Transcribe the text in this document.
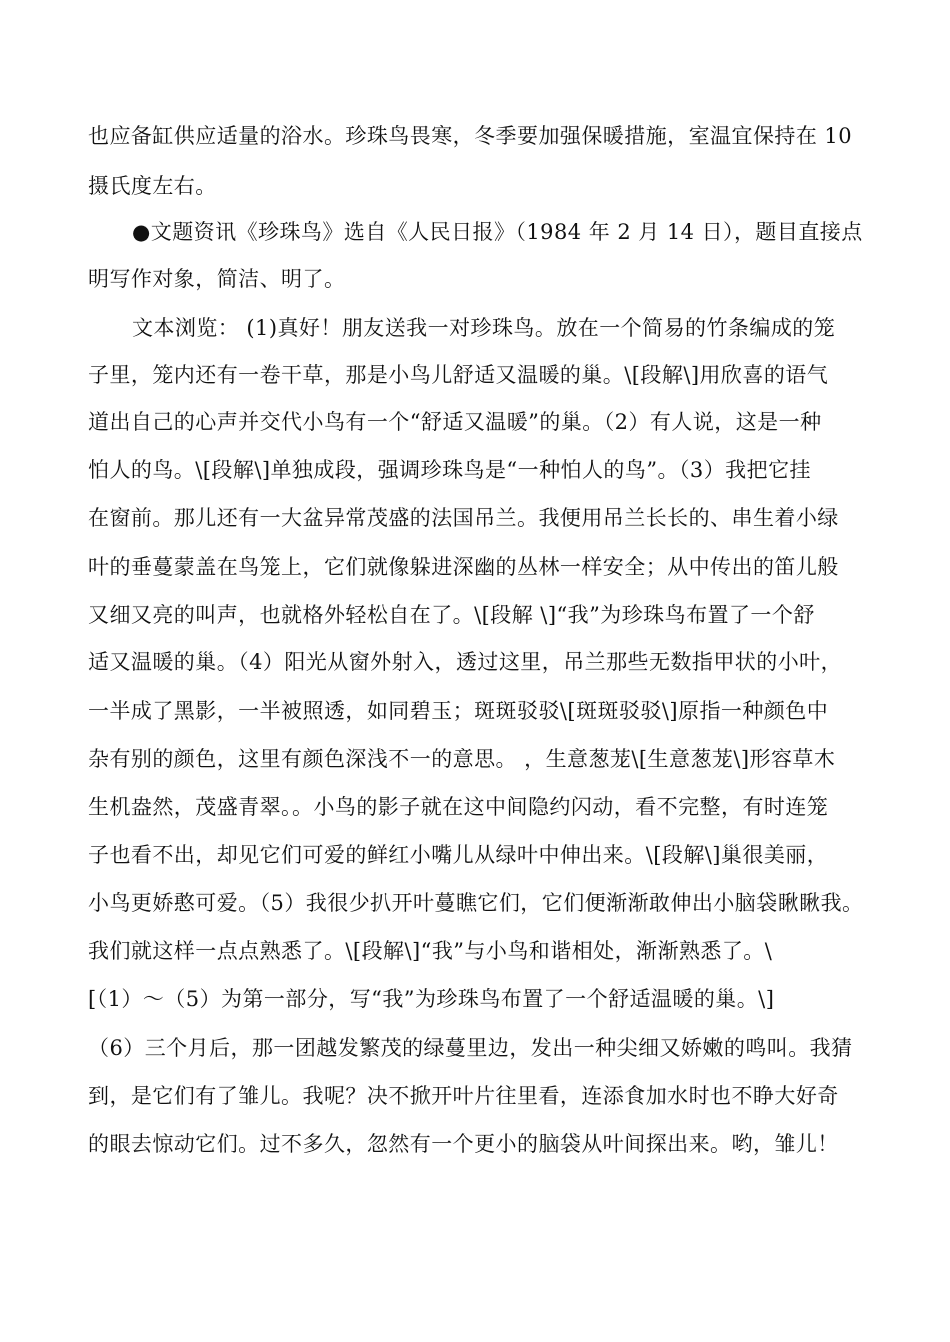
也应备缸供应适量的浴水。珍珠鸟畏寒，冬季要加强保暖措施，室温宜保持在 10
摄氏度左右。
●文题资讯《珍珠鸟》选自《人民日报》（1984 年 2 月 14 日），题目直接点
明写作对象，简洁、明了。
文本浏览： (1)真好！朋友送我一对珍珠鸟。放在一个简易的竹条编成的笼
子里，笼内还有一卷干草，那是小鸟儿舒适又温暖的巢。\[段解\]用欣喜的语气
道出自己的心声并交代小鸟有一个“舒适又温暖”的巢。（2）有人说，这是一种
怕人的鸟。\[段解\]单独成段，强调珍珠鸟是“一种怕人的鸟”。（3）我把它挂
在窗前。那儿还有一大盆异常茂盛的法国吊兰。我便用吊兰长长的、串生着小绿
叶的垂蔓蒙盖在鸟笼上，它们就像躲进深幽的丛林一样安全；从中传出的笛儿般
又细又亮的叫声，也就格外轻松自在了。\[段解 \]“我”为珍珠鸟布置了一个舒
适又温暖的巢。（4）阳光从窗外射入，透过这里，吊兰那些无数指甲状的小叶，
一半成了黑影，一半被照透，如同碧玉；斑斑驳驳\[斑斑驳驳\]原指一种颜色中
杂有别的颜色，这里有颜色深浅不一的意思。 ，生意葱茏\[生意葱茏\]形容草木
生机盎然，茂盛青翠。。小鸟的影子就在这中间隐约闪动，看不完整，有时连笼
子也看不出，却见它们可爱的鲜红小嘴儿从绿叶中伸出来。\[段解\]巢很美丽，
小鸟更娇憨可爱。（5）我很少扒开叶蔓瞧它们，它们便渐渐敢伸出小脑袋瞅瞅我。
我们就这样一点点熟悉了。\[段解\]“我”与小鸟和谐相处，渐渐熟悉了。\
[（1）～（5）为第一部分，写“我”为珍珠鸟布置了一个舒适温暖的巢。\]
（6）三个月后，那一团越发繁茂的绿蔓里边，发出一种尖细又娇嫩的鸣叫。我猜
到，是它们有了雏儿。我呢？决不掀开叶片往里看，连添食加水时也不睁大好奇
的眼去惊动它们。过不多久，忽然有一个更小的脑袋从叶间探出来。哟，雏儿！
